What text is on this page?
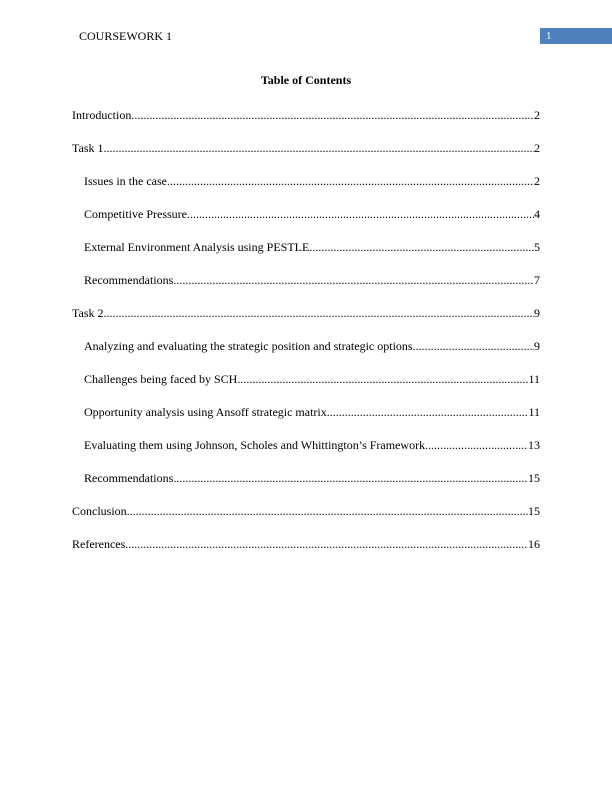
COURSEWORK 1	1
Table of Contents
Introduction .....	2
Task 1 .....	2
Issues in the case .....	2
Competitive Pressure .....	4
External Environment Analysis using PESTLE .....	5
Recommendations .....	7
Task 2 .....	9
Analyzing and evaluating the strategic position and strategic options .....	9
Challenges being faced by SCH .....	11
Opportunity analysis using Ansoff strategic matrix .....	11
Evaluating them using Johnson, Scholes and Whittington’s Framework .....	13
Recommendations .....	15
Conclusion .....	15
References .....	16
